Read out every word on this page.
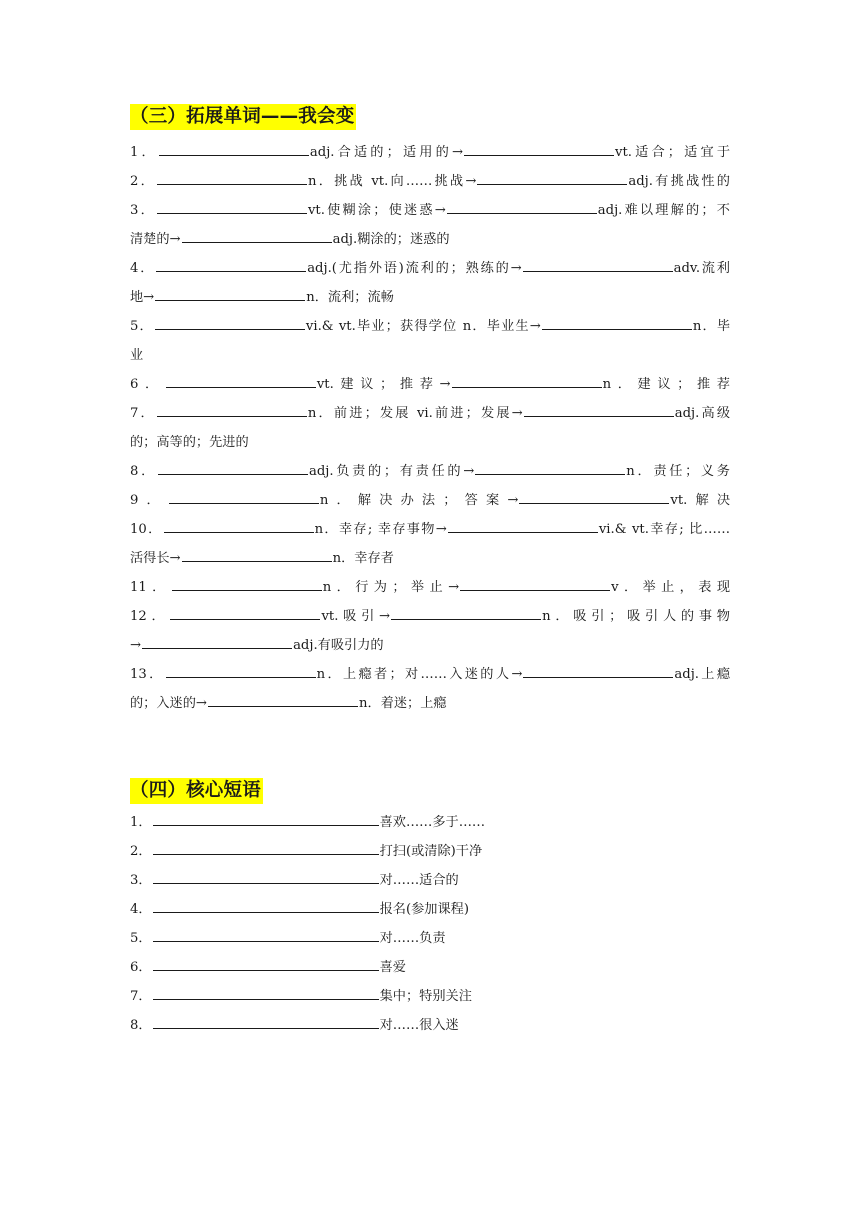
（三）拓展单词——我会变
1．	adj.合适的；适用的→	vt.适合；适宜于
2．	n．挑战 vt.向……挑战→	adj.有挑战性的
3．	vt.使糊涂；使迷惑→	adj.难以理解的；不
清楚的→	adj.糊涂的；迷惑的
4．	adj.(尤指外语)流利的；熟练的→	adv.流利
地→	n．流利；流畅
5．	vi.& vt.毕业；获得学位 n．毕业生→	n．毕
业
6．	vt.建议；推荐→	n．建议；推荐
7．	n．前进；发展 vi.前进；发展→	adj.高级
的；高等的；先进的
8．	adj.负责的；有责任的→	n．责任；义务
9．	n．解决办法；答案→	vt.解决
10．	n．幸存; 幸存事物→	vi.& vt.幸存; 比……
活得长→	n．幸存者
11．	n．行为；举止→	v．举止，表现
12．	vt.吸引→	n．吸引；吸引人的事物
→	adj.有吸引力的
13．	n．上瘾者；对……入迷的人→	adj.上瘾
的；入迷的→	n．着迷；上瘾
（四）核心短语
1．	喜欢……多于……
2．	打扫(或清除)干净
3．	对……适合的
4．	报名(参加课程)
5．	对……负责
6．	喜爱
7．	集中；特别关注
8．	对……很入迷
